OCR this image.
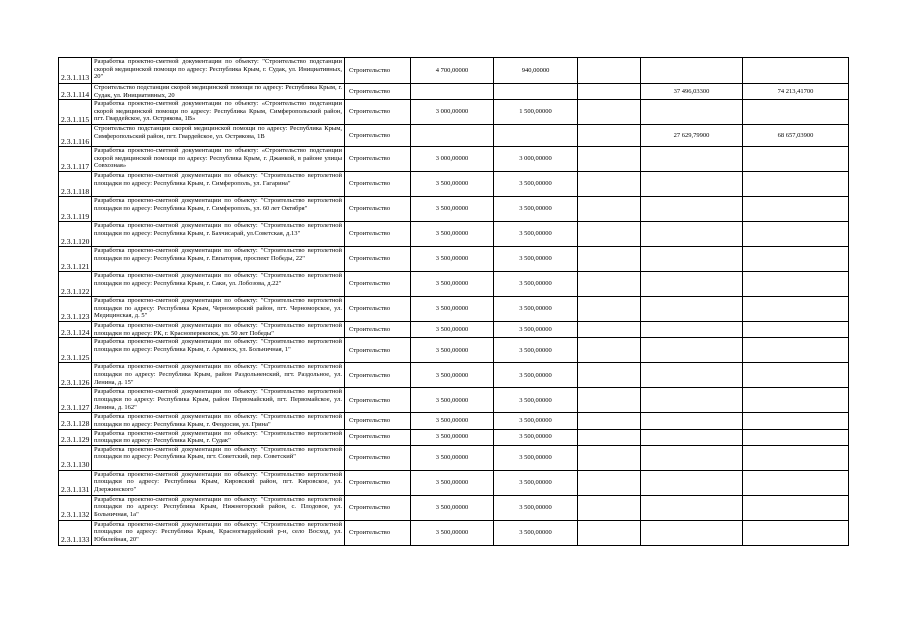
2.3.1.113	Разработка проектно-сметной документации по объекту: "Строительство подстанции скорой медицинской помощи по адресу: Республика Крым, г. Судак, ул. Инициативных, 20"	Строительство	4 700,00000	940,00000			
2.3.1.114	Строительство подстанции скорой медицинской помощи по адресу: Республика Крым, г. Судак, ул. Инициативных, 20	Строительство				37 496,03300	74 213,41700
2.3.1.115	Разработка проектно-сметной документации по объекту: «Строительство подстанции скорой медицинской помощи по адресу: Республика Крым, Симферопольский район, пгт. Гвардейское, ул. Острякова, 1В»	Строительство	3 000,00000	1 500,00000			
2.3.1.116	Строительство подстанции скорой медицинской помощи по адресу: Республика Крым, Симферопольский район, пгт. Гвардейское, ул. Острякова, 1В	Строительство				27 629,79900	68 657,03900
2.3.1.117	Разработка проектно-сметной документации по объекту: «Строительство подстанции скорой медицинской помощи по адресу: Республика Крым, г. Джанкой, в районе улицы Совхозная»	Строительство	3 000,00000	3 000,00000			
2.3.1.118	Разработка проектно-сметной документации по объекту: "Строительство вертолетной площадки по адресу: Республика Крым, г. Симферополь, ул. Гагарина"	Строительство	3 500,00000	3 500,00000			
2.3.1.119	Разработка проектно-сметной документации по объекту: "Строительство вертолетной площадки по адресу: Республика Крым, г. Симферополь, ул. 60 лет Октября"	Строительство	3 500,00000	3 500,00000			
2.3.1.120	Разработка проектно-сметной документации по объекту: "Строительство вертолетной площадки по адресу: Республика Крым, г. Бахчисарай, ул.Советская, д.13"	Строительство	3 500,00000	3 500,00000			
2.3.1.121	Разработка проектно-сметной документации по объекту: "Строительство вертолетной площадки по адресу: Республика Крым, г. Евпатория, проспект Победы, 22"	Строительство	3 500,00000	3 500,00000			
2.3.1.122	Разработка проектно-сметной документации по объекту: "Строительство вертолетной площадки по адресу: Республика Крым, г. Саки, ул. Лобозова, д.22"	Строительство	3 500,00000	3 500,00000			
2.3.1.123	Разработка проектно-сметной документации по объекту: "Строительство вертолетной площадки по адресу: Республика Крым, Черноморский район, пгт. Черноморское, ул. Медицинская, д. 5"	Строительство	3 500,00000	3 500,00000			
2.3.1.124	Разработка проектно-сметной документации по объекту: "Строительство вертолетной площадки по адресу: РК, г. Красноперекопск, ул. 50 лет Победы"	Строительство	3 500,00000	3 500,00000			
2.3.1.125	Разработка проектно-сметной документации по объекту: "Строительство вертолетной площадки по адресу: Республика Крым, г. Армянск, ул. Больничная, 1"	Строительство	3 500,00000	3 500,00000			
2.3.1.126	Разработка проектно-сметной документации по объекту: "Строительство вертолетной площадки по адресу: Республика Крым, район Раздольненский, пгт. Раздольное, ул. Ленина, д. 15"	Строительство	3 500,00000	3 500,00000			
2.3.1.127	Разработка проектно-сметной документации по объекту: "Строительство вертолетной площадки по адресу: Республика Крым, район Первомайский, пгт. Первомайское, ул. Ленина, д. 162"	Строительство	3 500,00000	3 500,00000			
2.3.1.128	Разработка проектно-сметной документации по объекту: "Строительство вертолетной площадки по адресу: Республика Крым, г. Феодосия, ул. Грина"	Строительство	3 500,00000	3 500,00000			
2.3.1.129	Разработка проектно-сметной документации по объекту: "Строительство вертолетной площадки по адресу: Республика Крым, г. Судак"	Строительство	3 500,00000	3 500,00000			
2.3.1.130	Разработка проектно-сметной документации по объекту: "Строительство вертолетной площадки по адресу: Республика Крым, пгт. Советский, пер. Советский"	Строительство	3 500,00000	3 500,00000			
2.3.1.131	Разработка проектно-сметной документации по объекту: "Строительство вертолетной площадки по адресу: Республика Крым, Кировский район, пгт. Кировское, ул. Дзержинского"	Строительство	3 500,00000	3 500,00000			
2.3.1.132	Разработка проектно-сметной документации по объекту: "Строительство вертолетной площадки по адресу: Республика Крым, Нижнегорский район, с. Плодовое, ул. Больничная, 1а"	Строительство	3 500,00000	3 500,00000			
2.3.1.133	Разработка проектно-сметной документации по объекту: "Строительство вертолетной площадки по адресу: Республика Крым, Красногвардейский р-н, село Восход, ул. Юбилейная, 20"	Строительство	3 500,00000	3 500,00000			
